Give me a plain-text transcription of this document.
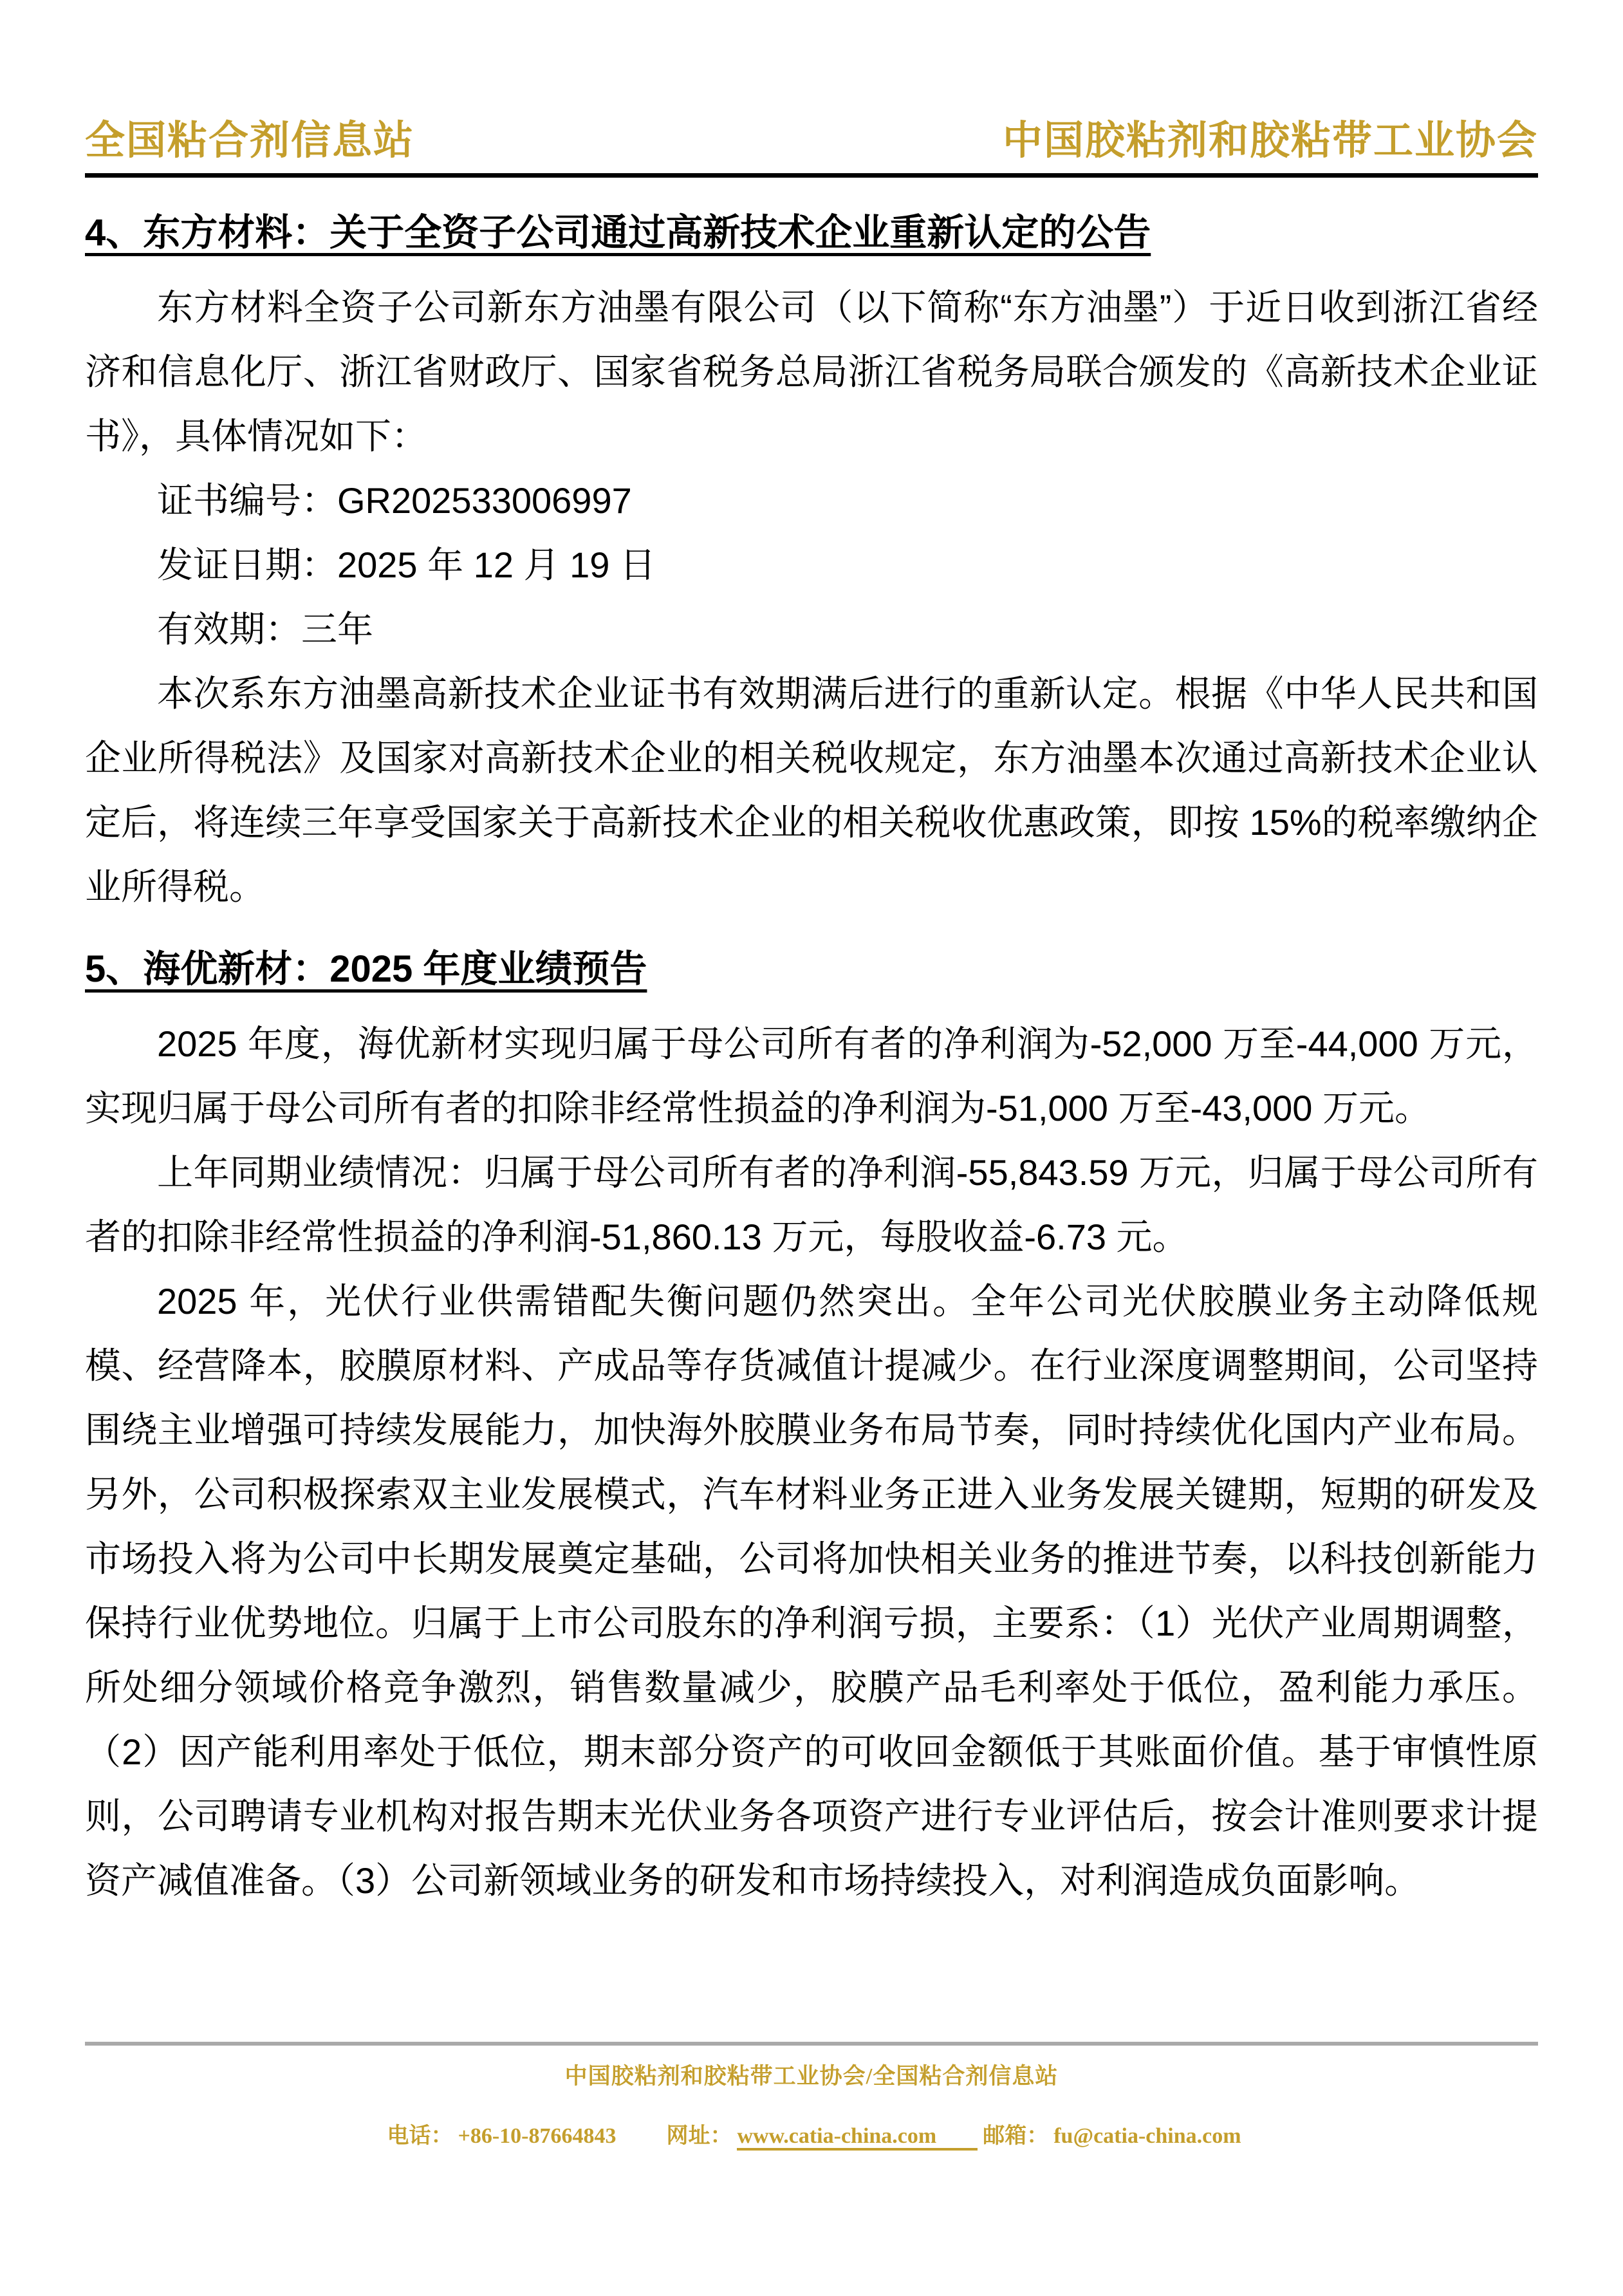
全国粘合剂信息站	中国胶粘剂和胶粘带工业协会
4、东方材料：关于全资子公司通过高新技术企业重新认定的公告

东方材料全资子公司新东方油墨有限公司（以下简称“东方油墨”）于近日收到浙江省经济和信息化厅、浙江省财政厅、国家省税务总局浙江省税务局联合颁发的《高新技术企业证书》，具体情况如下：

证书编号：GR202533006997

发证日期：2025 年 12 月 19 日

有效期：三年

本次系东方油墨高新技术企业证书有效期满后进行的重新认定。根据《中华人民共和国企业所得税法》及国家对高新技术企业的相关税收规定，东方油墨本次通过高新技术企业认定后，将连续三年享受国家关于高新技术企业的相关税收优惠政策，即按 15%的税率缴纳企业所得税。

5、海优新材：2025 年度业绩预告

2025 年度，海优新材实现归属于母公司所有者的净利润为-52,000 万至-44,000 万元，实现归属于母公司所有者的扣除非经常性损益的净利润为-51,000 万至-43,000 万元。

上年同期业绩情况：归属于母公司所有者的净利润-55,843.59 万元，归属于母公司所有者的扣除非经常性损益的净利润-51,860.13 万元，每股收益-6.73 元。

2025 年，光伏行业供需错配失衡问题仍然突出。全年公司光伏胶膜业务主动降低规模、经营降本，胶膜原材料、产成品等存货减值计提减少。在行业深度调整期间，公司坚持围绕主业增强可持续发展能力，加快海外胶膜业务布局节奏，同时持续优化国内产业布局。另外，公司积极探索双主业发展模式，汽车材料业务正进入业务发展关键期，短期的研发及市场投入将为公司中长期发展奠定基础，公司将加快相关业务的推进节奏，以科技创新能力保持行业优势地位。归属于上市公司股东的净利润亏损，主要系：（1）光伏产业周期调整，所处细分领域价格竞争激烈，销售数量减少，胶膜产品毛利率处于低位，盈利能力承压。（2）因产能利用率处于低位，期末部分资产的可收回金额低于其账面价值。基于审慎性原则，公司聘请专业机构对报告期末光伏业务各项资产进行专业评估后，按会计准则要求计提资产减值准备。（3）公司新领域业务的研发和市场持续投入，对利润造成负面影响。

中国胶粘剂和胶粘带工业协会/全国粘合剂信息站
电话： +86-10-87664843 网址： www.catia-china.com 邮箱： fu@catia-china.com
